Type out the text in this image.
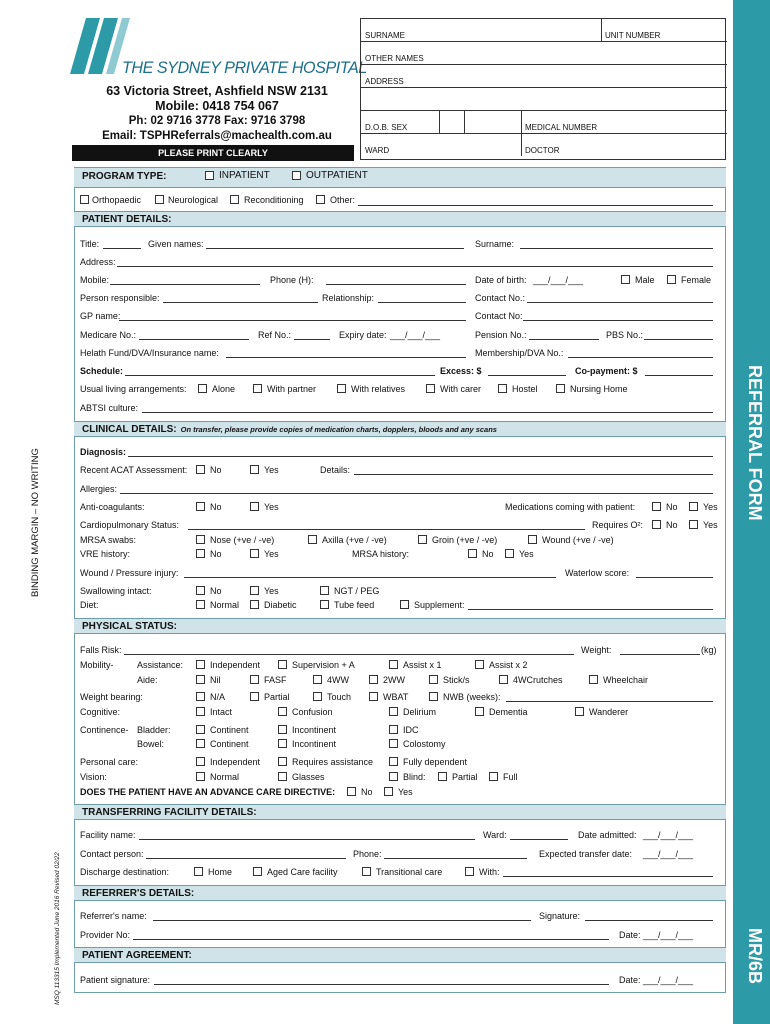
THE SYDNEY PRIVATE HOSPITAL
63 Victoria Street, Ashfield NSW 2131
Mobile: 0418 754 067
Ph: 02 9716 3778 Fax: 9716 3798
Email: TSPHReferrals@machealth.com.au
PLEASE PRINT CLEARLY
SURNAME	UNIT NUMBER
OTHER NAMES
ADDRESS
D.O.B. SEX	MEDICAL NUMBER
WARD	DOCTOR
REFERRAL FORM
MR/6B
BINDING MARGIN – NO WRITING
MSQ 113315 Implemented June 2016 Revised 02/22
PROGRAM TYPE:	INPATIENT	OUTPATIENT
Orthopaedic	Neurological	Reconditioning	Other:
PATIENT DETAILS:
Title:	Given names:	Surname:
Address:
Mobile:	Phone (H):	Date of birth: ___/___/___	Male	Female
Person responsible:	Relationship:	Contact No.:
GP name:	Contact No:
Medicare No.:	Ref No.:	Expiry date: ___/___/___	Pension No.:	PBS No.:
Helath Fund/DVA/Insurance name:	Membership/DVA No.:
Schedule:	Excess: $	Co-payment: $
Usual living arrangements:	Alone	With partner	With relatives	With carer	Hostel	Nursing Home
ABTSI culture:
CLINICAL DETAILS: On transfer, please provide copies of medication charts, dopplers, bloods and any scans
Diagnosis:
Recent ACAT Assessment:	No	Yes	Details:
Allergies:
Anti-coagulants:	No	Yes	Medications coming with patient:	No	Yes
Cardiopulmonary Status:	Requires O²:	No	Yes
MRSA swabs:	Nose (+ve / -ve)	Axilla (+ve / -ve)	Groin (+ve / -ve)	Wound (+ve / -ve)
VRE history:	No	Yes	MRSA history:	No	Yes
Wound / Pressure injury:	Waterlow score:
Swallowing intact:	No	Yes	NGT / PEG
Diet:	Normal	Diabetic	Tube feed	Supplement:
PHYSICAL STATUS:
Falls Risk:	Weight:	(kg)
Mobility-	Assistance:	Independent	Supervision + A	Assist x 1	Assist x 2
Aide:	Nil	FASF	4WW	2WW	Stick/s	4WCrutches	Wheelchair
Weight bearing:	N/A	Partial	Touch	WBAT	NWB (weeks):
Cognitive:	Intact	Confusion	Delirium	Dementia	Wanderer
Continence- Bladder:	Continent	Incontinent	IDC
Bowel:	Continent	Incontinent	Colostomy
Personal care:	Independent	Requires assistance	Fully dependent
Vision:	Normal	Glasses	Blind:	Partial	Full
DOES THE PATIENT HAVE AN ADVANCE CARE DIRECTIVE:	No	Yes
TRANSFERRING FACILITY DETAILS:
Facility name:	Ward:	Date admitted: ___/___/___
Contact person:	Phone:	Expected transfer date: ___/___/___
Discharge destination:	Home	Aged Care facility	Transitional care	With:
REFERRER'S DETAILS:
Referrer's name:	Signature:
Provider No:	Date: ___/___/___
PATIENT AGREEMENT:
Patient signature:	Date: ___/___/___
